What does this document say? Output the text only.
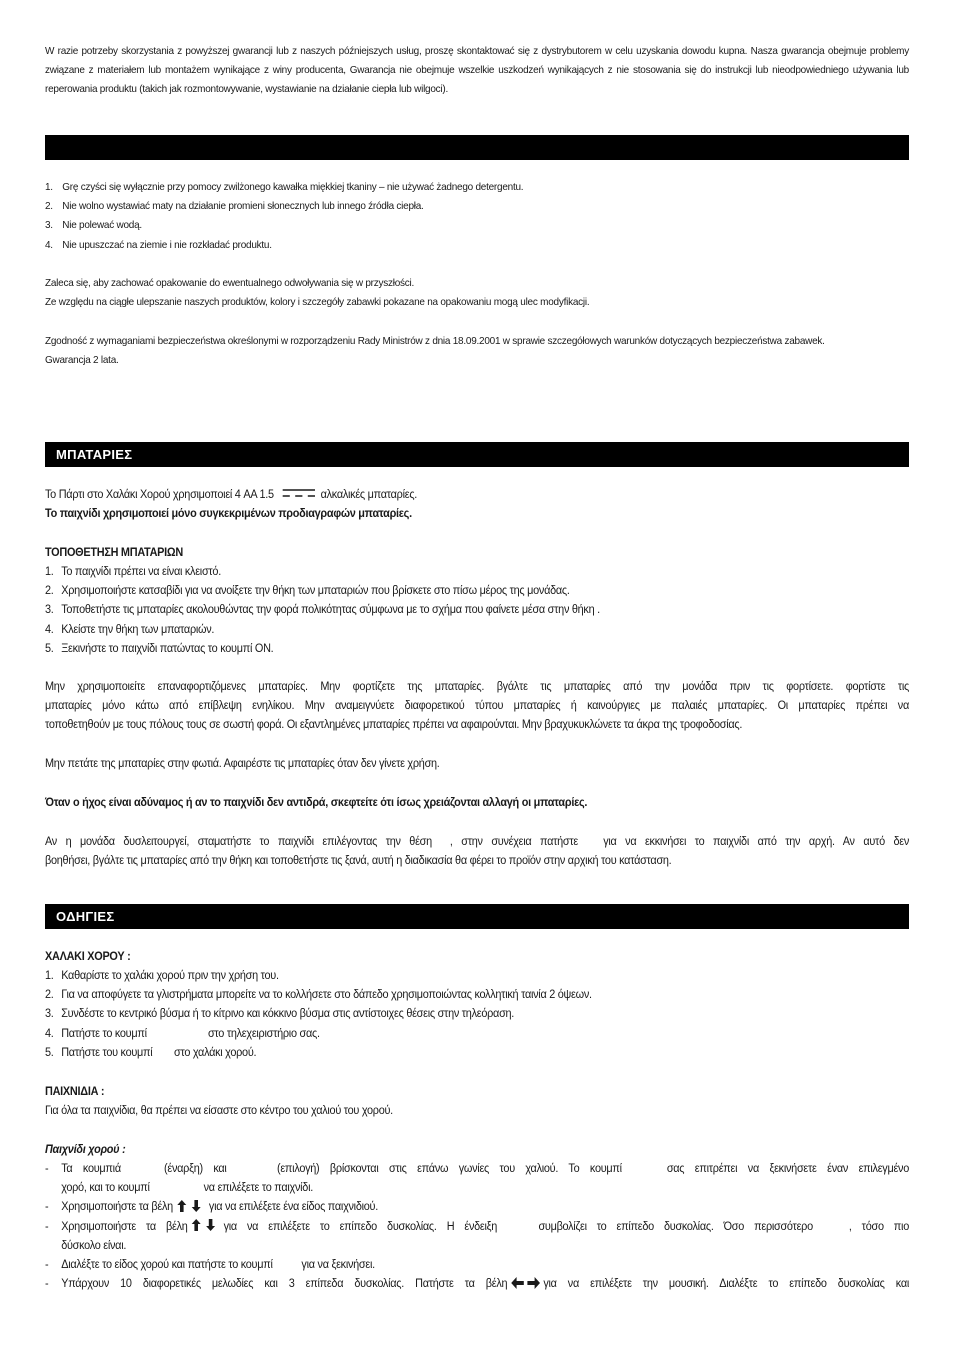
W razie potrzeby skorzystania z powyższej gwarancji lub z naszych późniejszych usług, proszę skontaktować się z dystrybutorem w celu uzyskania dowodu kupna. Nasza gwarancja obejmuje problemy związane z materiałem lub montażem wynikające z winy producenta, Gwarancja nie obejmuje wszelkie uszkodzeń wynikających z nie stosowania się do instrukcji lub nieodpowiedniego używania lub reperowania produktu (takich jak rozmontowywanie, wystawianie na działanie ciepła lub wilgoci).
1. Grę czyści się wyłącznie przy pomocy zwilżonego kawałka miękkiej tkaniny – nie używać żadnego detergentu.
2. Nie wolno wystawiać maty na działanie promieni słonecznych lub innego źródła ciepła.
3. Nie polewać wodą.
4. Nie upuszczać na ziemie i nie rozkładać produktu.
Zaleca się, aby zachować opakowanie do ewentualnego odwoływania się w przyszłości.
Ze względu na ciągłe ulepszanie naszych produktów, kolory i szczegóły zabawki pokazane na opakowaniu mogą ulec modyfikacji.
Zgodność z wymaganiami bezpieczeństwa określonymi w rozporządzeniu Rady Ministrów z dnia 18.09.2001 w sprawie szczegółowych warunków dotyczących bezpieczeństwa zabawek.
Gwarancja 2 lata.
ΜΠΑΤΑΡΙΕΣ
Το Πάρτι στο Χαλάκι Χορού χρησιμοποιεί 4 AA 1.5	αλκαλικές μπαταρίες.
Το παιχνίδι χρησιμοποιεί μόνο συγκεκριμένων προδιαγραφών μπαταρίες.
ΤΟΠΟΘΕΤΗΣΗ ΜΠΑΤΑΡΙΩΝ
1. Το παιχνίδι πρέπει να είναι κλειστό.
2. Χρησιμοποιήστε κατσαβίδι για να ανοίξετε την θήκη των μπαταριών που βρίσκετε στο πίσω μέρος της μονάδας.
3. Τοποθετήστε τις μπαταρίες ακολουθώντας την φορά πολικότητας σύμφωνα με το σχήμα που φαίνετε μέσα στην θήκη .
4. Κλείστε την θήκη των μπαταριών.
5. Ξεκινήστε το παιχνίδι πατώντας το κουμπί ON.
Μην χρησιμοποιείτε επαναφορτιζόμενες μπαταρίες. Μην φορτίζετε της μπαταρίες. βγάλτε τις μπαταρίες από την μονάδα πριν τις φορτίσετε. φορτίστε τις
μπαταρίες μόνο κάτω από επίβλεψη ενηλίκου. Μην αναμειγνύετε διαφορετικού τύπου μπαταρίες ή καινούργιες με παλαιές μπαταρίες. Οι μπαταρίες πρέπει να
τοποθετηθούν με τους πόλους τους σε σωστή φορά. Οι εξαντλημένες μπαταρίες πρέπει να αφαιρούνται. Μην βραχυκυκλώνετε τα άκρα της τροφοδοσίας.
Μην πετάτε της μπαταρίες στην φωτιά. Αφαιρέστε τις μπαταρίες όταν δεν γίνετε χρήση.
Όταν ο ήχος είναι αδύναμος ή αν το παιχνίδι δεν αντιδρά, σκεφτείτε ότι ίσως χρειάζονται αλλαγή οι μπαταρίες.
Αν η μονάδα δυσλειτουργεί, σταματήστε το παιχνίδι επιλέγοντας την θέση , στην συνέχεια πατήστε για να εκκινήσει το παιχνίδι από την αρχή. Αν αυτό δεν
βοηθήσει, βγάλτε τις μπαταρίες από την θήκη και τοποθετήστε τις ξανά, αυτή η διαδικασία θα φέρει το προϊόν στην αρχική του κατάσταση.
ΟΔΗΓΙΕΣ
ΧΑΛΑΚΙ ΧΟΡΟΥ :
1. Καθαρίστε το χαλάκι χορού πριν την χρήση του.
2. Για να αποφύγετε τα γλιστρήματα μπορείτε να το κολλήσετε στο δάπεδο χρησιμοποιώντας κολλητική ταινία 2 όψεων.
3. Συνδέστε το κεντρικό βύσμα ή το κίτρινο και κόκκινο βύσμα στις αντίστοιχες θέσεις στην τηλεόραση.
4. Πατήστε το κουμπί	στο τηλεχειριστήριο σας.
5. Πατήστε του κουμπί στο χαλάκι χορού.
ΠΑΙΧΝΙΔΙΑ :
Για όλα τα παιχνίδια, θα πρέπει να είσαστε στο κέντρο του χαλιού του χορού.
Παιχνίδι χορού :
- Τα κουμπιά	(έναρξη) και	(επιλογή) βρίσκονται στις επάνω γωνίες του χαλιού. Το κουμπί	σας επιτρέπει να ξεκινήσετε έναν επιλεγμένο
χορό, και το κουμπί	να επιλέξετε το παιχνίδι.
- Χρησιμοποιήστε τα βέλη	για να επιλέξετε ένα είδος παιχνιδιού.
- Χρησιμοποιήστε τα βέλη	για να επιλέξετε το επίπεδο δυσκολίας. Η ένδειξη	συμβολίζει το επίπεδο δυσκολίας. Όσο περισσότερο	, τόσο πιο
δύσκολο είναι.
- Διαλέξτε το είδος χορού και πατήστε το κουμπί για να ξεκινήσει.
- Υπάρχουν 10 διαφορετικές μελωδίες και 3 επίπεδα δυσκολίας. Πατήστε τα βέλη	για να επιλέξετε την μουσική. Διαλέξτε το επίπεδο δυσκολίας και
